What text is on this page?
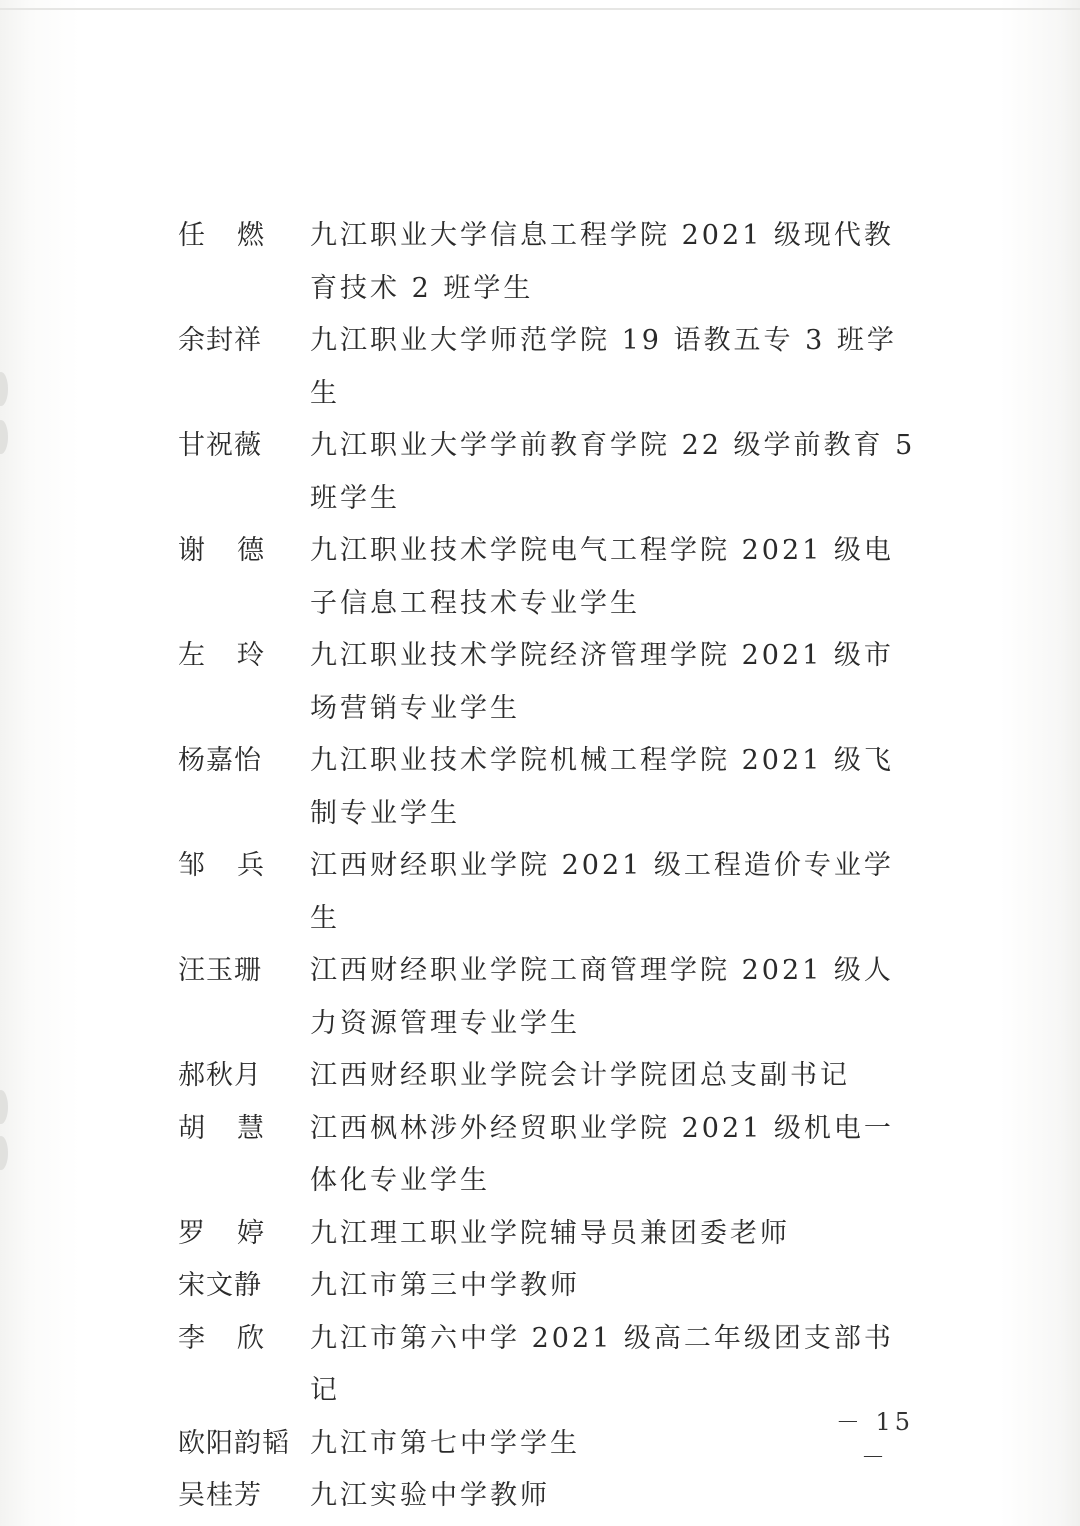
任 燃 九江职业大学信息工程学院 2021 级现代教育技术 2 班学生
余封祥	九江职业大学师范学院 19 语教五专 3 班学生
甘祝薇	九江职业大学学前教育学院 22 级学前教育 5 班学生
谢 德 九江职业技术学院电气工程学院 2021 级电子信息工程技术专业学生
左 玲 九江职业技术学院经济管理学院 2021 级市场营销专业学生
杨嘉怡	九江职业技术学院机械工程学院 2021 级飞制专业学生
邹 兵 江西财经职业学院 2021 级工程造价专业学生
汪玉珊	江西财经职业学院工商管理学院 2021 级人力资源管理专业学生
郝秋月	江西财经职业学院会计学院团总支副书记
胡 慧 江西枫林涉外经贸职业学院 2021 级机电一体化专业学生
罗 婷 九江理工职业学院辅导员兼团委老师
宋文静	九江市第三中学教师
李 欣 九江市第六中学 2021 级高二年级团支部书记
欧阳韵韬 九江市第七中学学生
吴桂芳	九江实验中学教师
－ 15 －
